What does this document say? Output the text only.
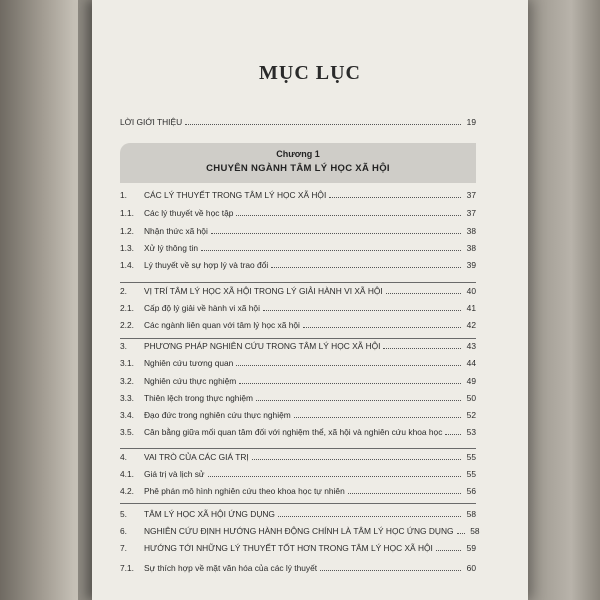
MỤC LỤC
LỜI GIỚI THIỆU	19
Chương 1
CHUYÊN NGÀNH TÂM LÝ HỌC XÃ HỘI
1.	CÁC LÝ THUYẾT TRONG TÂM LÝ HỌC XÃ HỘI	37
1.1.	Các lý thuyết về học tập	37
1.2.	Nhận thức xã hội	38
1.3.	Xử lý thông tin	38
1.4.	Lý thuyết về sự hợp lý và trao đổi	39
2.	VỊ TRÍ TÂM LÝ HỌC XÃ HỘI TRONG LÝ GIẢI HÀNH VI XÃ HỘI	40
2.1.	Cấp độ lý giải về hành vi xã hội	41
2.2.	Các ngành liên quan với tâm lý học xã hội	42
3.	PHƯƠNG PHÁP NGHIÊN CỨU TRONG TÂM LÝ HỌC XÃ HỘI	43
3.1.	Nghiên cứu tương quan	44
3.2.	Nghiên cứu thực nghiệm	49
3.3.	Thiên lệch trong thực nghiệm	50
3.4.	Đạo đức trong nghiên cứu thực nghiệm	52
3.5.	Cân bằng giữa mối quan tâm đối với nghiệm thể, xã hội và nghiên cứu khoa học	53
4.	VAI TRÒ CỦA CÁC GIÁ TRỊ	55
4.1.	Giá trị và lịch sử	55
4.2.	Phê phán mô hình nghiên cứu theo khoa học tự nhiên	56
5.	TÂM LÝ HỌC XÃ HỘI ỨNG DỤNG	58
6.	NGHIÊN CỨU ĐỊNH HƯỚNG HÀNH ĐỘNG CHÍNH LÀ TÂM LÝ HỌC ỨNG DỤNG	58
7.	HƯỚNG TỚI NHỮNG LÝ THUYẾT TỐT HƠN TRONG TÂM LÝ HỌC XÃ HỘI	59
7.1.	Sự thích hợp về mặt văn hóa của các lý thuyết	60
